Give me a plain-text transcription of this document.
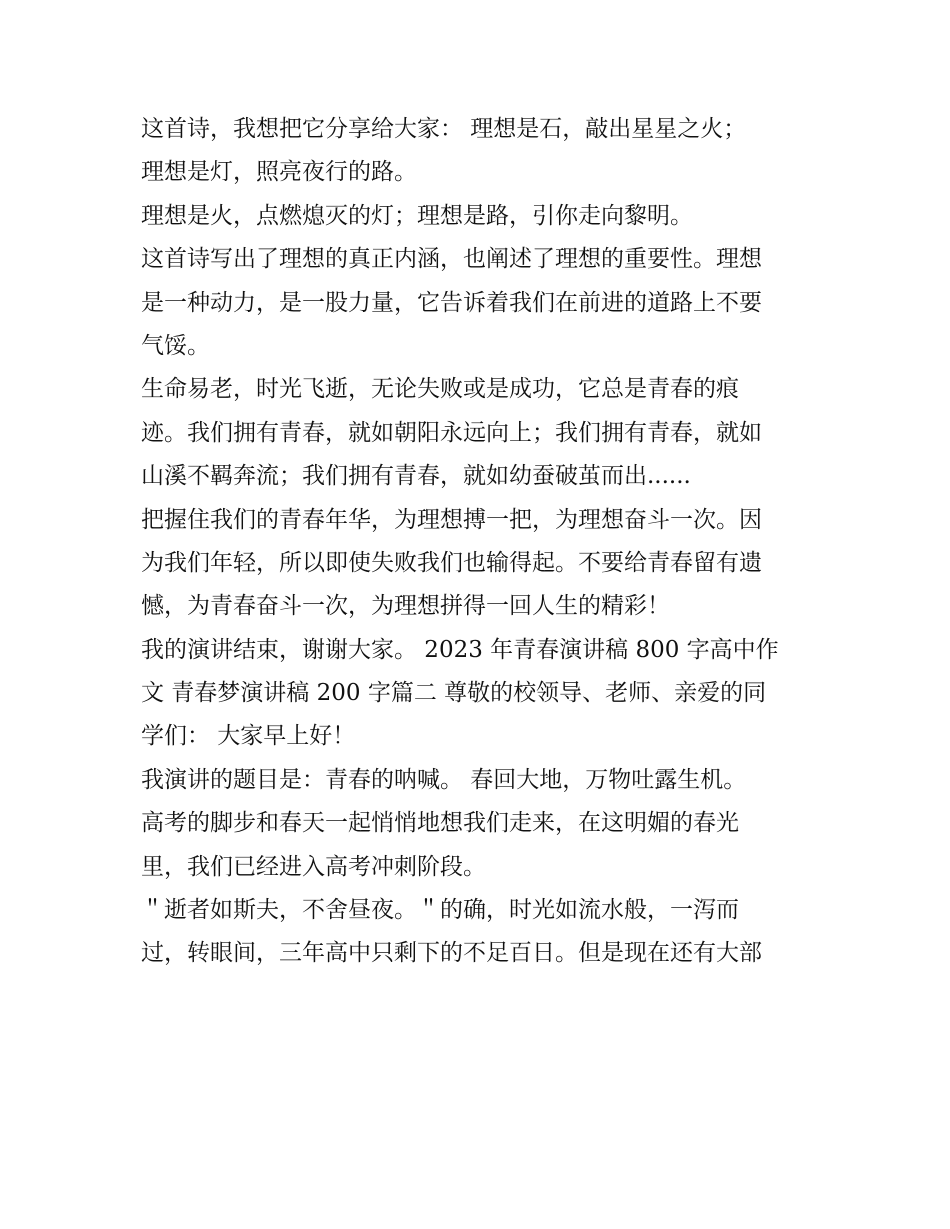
这首诗，我想把它分享给大家： 理想是石，敲出星星之火；
理想是灯，照亮夜行的路。
理想是火，点燃熄灭的灯；理想是路，引你走向黎明。
这首诗写出了理想的真正内涵，也阐述了理想的重要性。理想
是一种动力，是一股力量，它告诉着我们在前进的道路上不要
气馁。
生命易老，时光飞逝，无论失败或是成功，它总是青春的痕
迹。我们拥有青春，就如朝阳永远向上；我们拥有青春，就如
山溪不羁奔流；我们拥有青春，就如幼蚕破茧而出......
把握住我们的青春年华，为理想搏一把，为理想奋斗一次。因
为我们年轻，所以即使失败我们也输得起。不要给青春留有遗
憾，为青春奋斗一次，为理想拼得一回人生的精彩！
我的演讲结束，谢谢大家。 2023 年青春演讲稿 800 字高中作
文 青春梦演讲稿 200 字篇二 尊敬的校领导、老师、亲爱的同
学们： 大家早上好！
我演讲的题目是：青春的呐喊。 春回大地，万物吐露生机。
高考的脚步和春天一起悄悄地想我们走来，在这明媚的春光
里，我们已经进入高考冲刺阶段。
＂逝者如斯夫，不舍昼夜。＂的确，时光如流水般，一泻而
过，转眼间，三年高中只剩下的不足百日。但是现在还有大部
